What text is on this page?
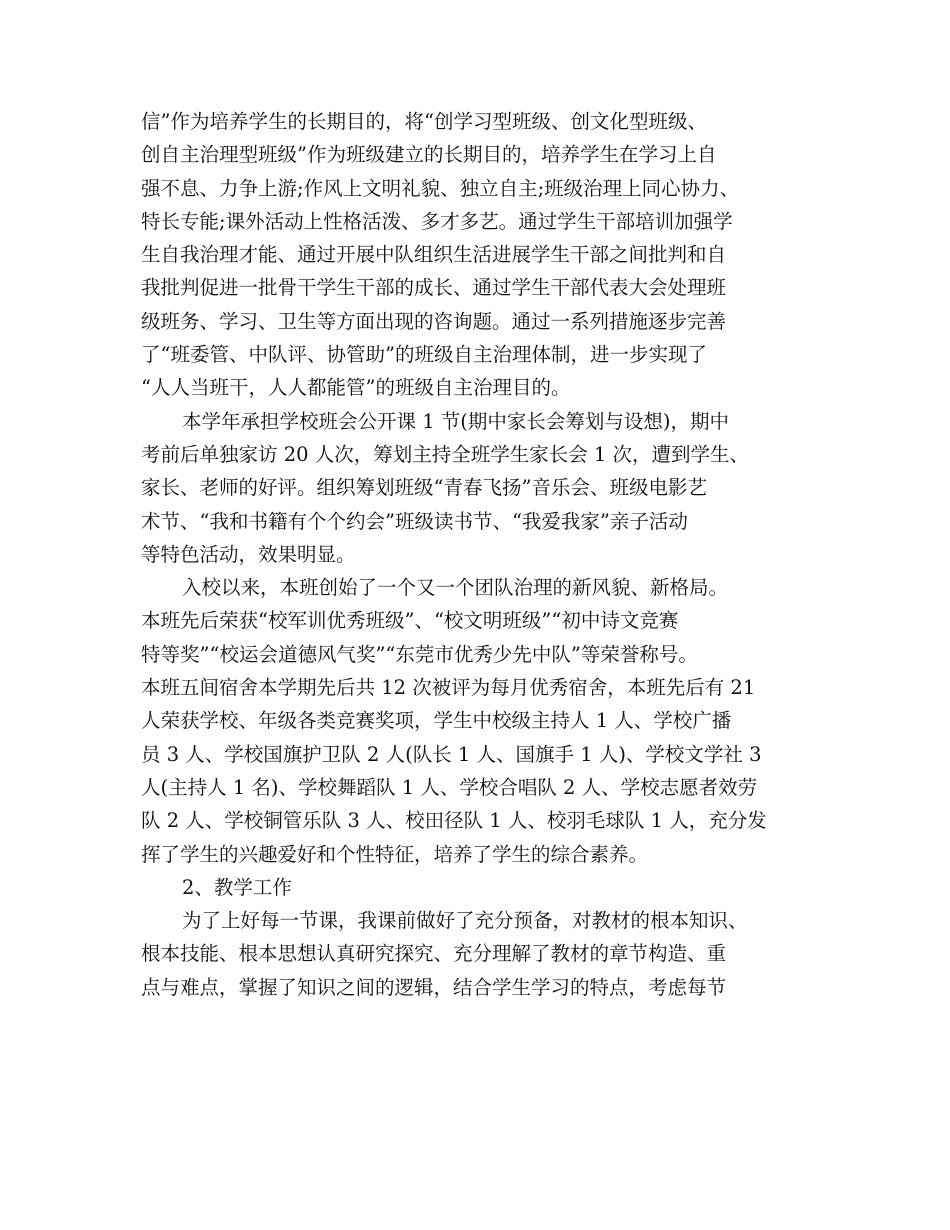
信”作为培养学生的长期目的，将“创学习型班级、创文化型班级、
创自主治理型班级”作为班级建立的长期目的，培养学生在学习上自
强不息、力争上游;作风上文明礼貌、独立自主;班级治理上同心协力、
特长专能;课外活动上性格活泼、多才多艺。通过学生干部培训加强学
生自我治理才能、通过开展中队组织生活进展学生干部之间批判和自
我批判促进一批骨干学生干部的成长、通过学生干部代表大会处理班
级班务、学习、卫生等方面出现的咨询题。通过一系列措施逐步完善
了“班委管、中队评、协管助”的班级自主治理体制，进一步实现了
“人人当班干，人人都能管”的班级自主治理目的。
本学年承担学校班会公开课 1 节(期中家长会筹划与设想)，期中
考前后单独家访 20 人次，筹划主持全班学生家长会 1 次，遭到学生、
家长、老师的好评。组织筹划班级“青春飞扬”音乐会、班级电影艺
术节、“我和书籍有个个约会”班级读书节、“我爱我家”亲子活动
等特色活动，效果明显。
入校以来，本班创始了一个又一个团队治理的新风貌、新格局。
本班先后荣获“校军训优秀班级”、“校文明班级”“初中诗文竞赛
特等奖”“校运会道德风气奖”“东莞市优秀少先中队”等荣誉称号。
本班五间宿舍本学期先后共 12 次被评为每月优秀宿舍，本班先后有 21
人荣获学校、年级各类竞赛奖项，学生中校级主持人 1 人、学校广播
员 3 人、学校国旗护卫队 2 人(队长 1 人、国旗手 1 人)、学校文学社 3
人(主持人 1 名)、学校舞蹈队 1 人、学校合唱队 2 人、学校志愿者效劳
队 2 人、学校铜管乐队 3 人、校田径队 1 人、校羽毛球队 1 人，充分发
挥了学生的兴趣爱好和个性特征，培养了学生的综合素养。
2、教学工作
为了上好每一节课，我课前做好了充分预备，对教材的根本知识、
根本技能、根本思想认真研究探究、充分理解了教材的章节构造、重
点与难点，掌握了知识之间的逻辑，结合学生学习的特点，考虑每节
